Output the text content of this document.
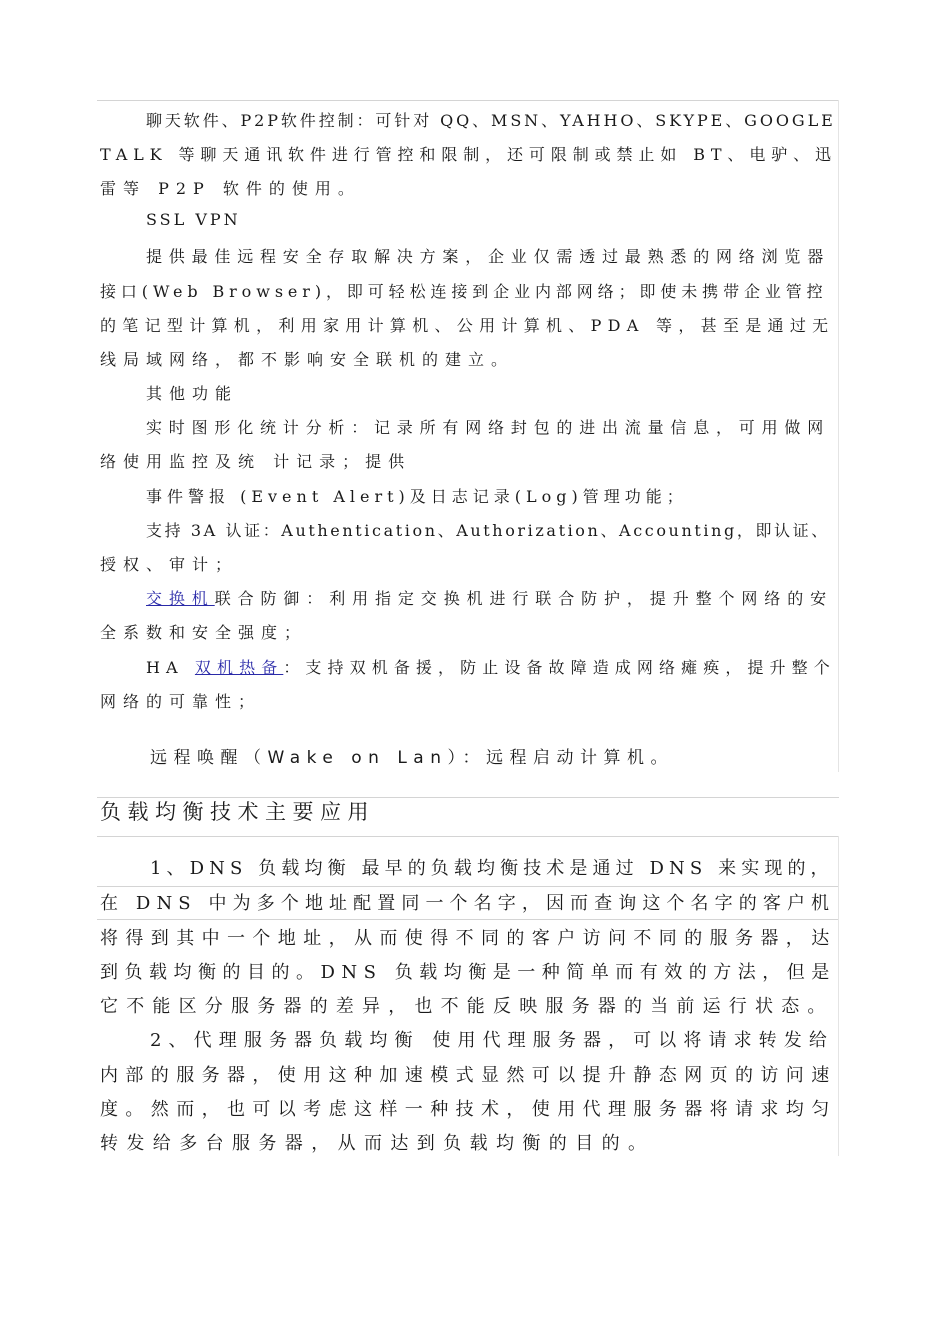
聊天软件、P2P软件控制：可针对 QQ、MSN、YAHHO、SKYPE、GOOGLE
TALK 等聊天通讯软件进行管控和限制，还可限制或禁止如 BT、电驴、迅
雷等 P2P 软件的使用。
SSL VPN
提供最佳远程安全存取解决方案，企业仅需透过最熟悉的网络浏览器
接口(Web Browser)，即可轻松连接到企业内部网络；即使未携带企业管控
的笔记型计算机，利用家用计算机、公用计算机、PDA 等，甚至是通过无
线局域网络，都不影响安全联机的建立。
其他功能
实时图形化统计分析：记录所有网络封包的进出流量信息，可用做网
络使用监控及统 计记录；提供
事件警报 (Event Alert)及日志记录(Log)管理功能；
支持 3A 认证：Authentication、Authorization、Accounting，即认证、
授权、审计；
交换机联合防御：利用指定交换机进行联合防护，提升整个网络的安
全系数和安全强度；
HA 双机热备：支持双机备援，防止设备故障造成网络瘫痪，提升整个
网络的可靠性；
远程唤醒（Wake on Lan）：远程启动计算机。
负载均衡技术主要应用
1、DNS 负载均衡 最早的负载均衡技术是通过 DNS 来实现的，
在 DNS 中为多个地址配置同一个名字，因而查询这个名字的客户机
将得到其中一个地址，从而使得不同的客户访问不同的服务器，达
到负载均衡的目的。DNS 负载均衡是一种简单而有效的方法，但是
它不能区分服务器的差异，也不能反映服务器的当前运行状态。
2、代理服务器负载均衡 使用代理服务器，可以将请求转发给
内部的服务器，使用这种加速模式显然可以提升静态网页的访问速
度。然而，也可以考虑这样一种技术，使用代理服务器将请求均匀
转发给多台服务器，从而达到负载均衡的目的。
